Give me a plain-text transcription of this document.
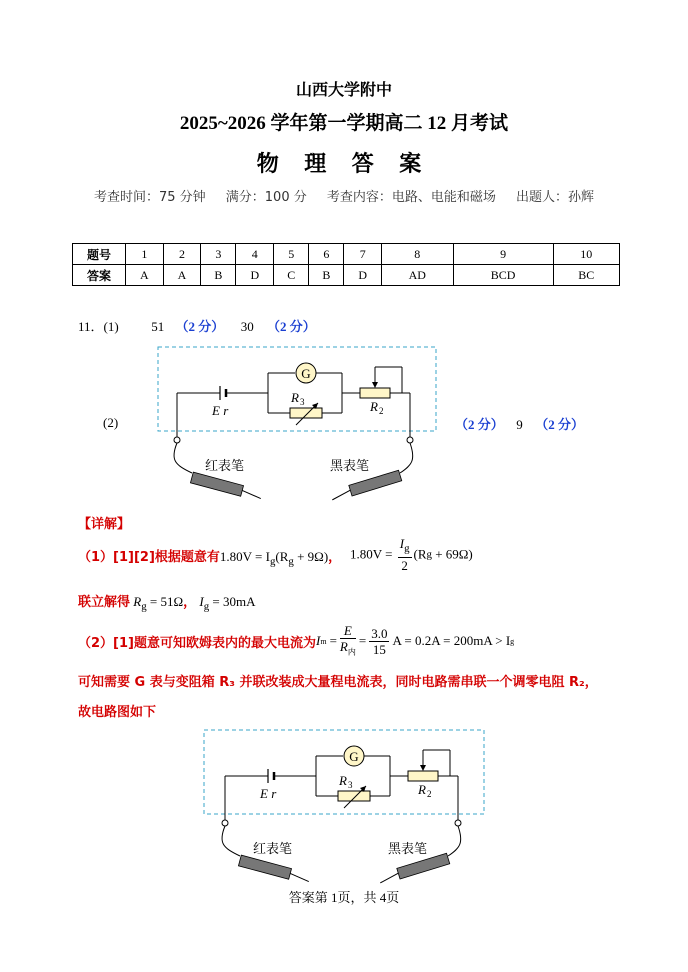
山西大学附中
2025~2026 学年第一学期高二 12 月考试
物 理 答 案
考查时间：75 分钟 满分：100 分 考查内容：电路、电能和磁场 出题人：孙辉
题号	1	2	3	4	5	6	7	8	9	10
答案	A	A	B	D	C	B	D	AD	BCD	BC
11．(1)	51 （2 分） 30 （2 分）
(2)	（2 分） 9 （2 分）
G
E r
R 3	R 2
红表笔	黑表笔
【详解】
（1）[1][2]根据题意有$1.80V = I_g(R_g + 9\Omega)$， $1.80V = \frac{I_g}{2} (Rg + 69\Omega)$
联立解得 $R_g = 51\Omega$， $I_g = 30mA$
（2）[1]题意可知欧姆表内的最大电流为 I m =
E
$R_内$
= $\frac{3.0}{15}$ A = 0.2A = 200mA > I g
可知需要 G 表与变阻箱 R₃ 并联改装成大量程电流表，同时电路需串联一个调零电阻 R₂，
故电路图如下
G
E r
R 3	R 2
红表笔	黑表笔
答案第 1页，共 4页
